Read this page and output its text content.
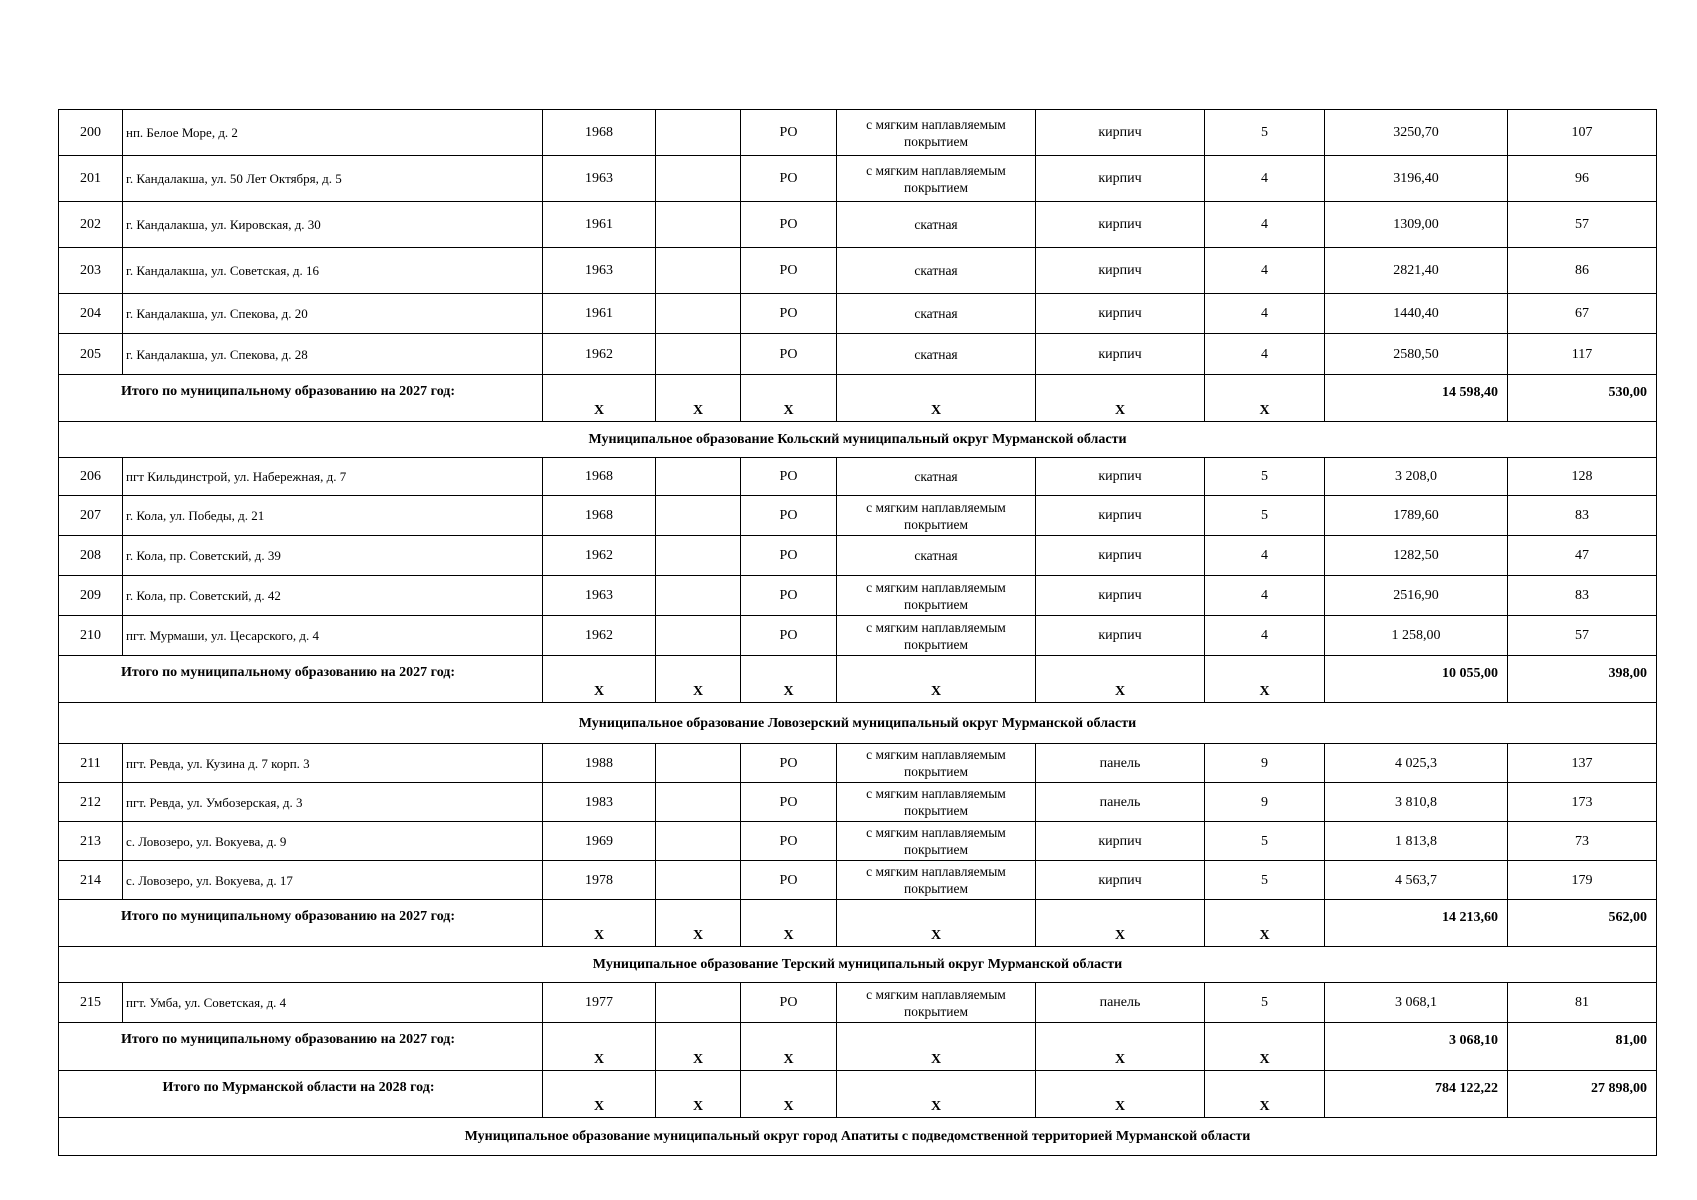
200	нп. Белое Море, д. 2	1968		РО	с мягким наплавляемым покрытием	кирпич	5	3250,70	107
201	г. Кандалакша, ул. 50 Лет Октября, д. 5	1963		РО	с мягким наплавляемым покрытием	кирпич	4	3196,40	96
202	г. Кандалакша, ул. Кировская, д. 30	1961		РО	скатная	кирпич	4	1309,00	57
203	г. Кандалакша, ул. Советская, д. 16	1963		РО	скатная	кирпич	4	2821,40	86
204	г. Кандалакша, ул. Спекова, д. 20	1961		РО	скатная	кирпич	4	1440,40	67
205	г. Кандалакша, ул. Спекова, д. 28	1962		РО	скатная	кирпич	4	2580,50	117
Итого по муниципальному образованию на 2027 год:		Х	Х	Х	Х	Х	Х	14 598,40	530,00
Муниципальное образование Кольский муниципальный округ Мурманской области									
206	пгт Кильдинстрой, ул. Набережная, д. 7	1968		РО	скатная	кирпич	5	3 208,0	128
207	г. Кола, ул. Победы, д. 21	1968		РО	с мягким наплавляемым покрытием	кирпич	5	1789,60	83
208	г. Кола, пр. Советский, д. 39	1962		РО	скатная	кирпич	4	1282,50	47
209	г. Кола, пр. Советский, д. 42	1963		РО	с мягким наплавляемым покрытием	кирпич	4	2516,90	83
210	пгт. Мурмаши, ул. Цесарского, д. 4	1962		РО	с мягким наплавляемым покрытием	кирпич	4	1 258,00	57
Итого по муниципальному образованию на 2027 год:		Х	Х	Х	Х	Х	Х	10 055,00	398,00
Муниципальное образование Ловозерский муниципальный округ Мурманской области									
211	пгт. Ревда, ул. Кузина д. 7 корп. 3	1988		РО	с мягким наплавляемым покрытием	панель	9	4 025,3	137
212	пгт. Ревда, ул. Умбозерская, д. 3	1983		РО	с мягким наплавляемым покрытием	панель	9	3 810,8	173
213	с. Ловозеро, ул. Вокуева, д. 9	1969		РО	с мягким наплавляемым покрытием	кирпич	5	1 813,8	73
214	с. Ловозеро, ул. Вокуева, д. 17	1978		РО	с мягким наплавляемым покрытием	кирпич	5	4 563,7	179
Итого по муниципальному образованию на 2027 год:		Х	Х	Х	Х	Х	Х	14 213,60	562,00
Муниципальное образование Терский муниципальный округ Мурманской области									
215	пгт. Умба, ул. Советская, д. 4	1977		РО	с мягким наплавляемым покрытием	панель	5	3 068,1	81
Итого по муниципальному образованию на 2027 год:		Х	Х	Х	Х	Х	Х	3 068,10	81,00
Итого по Мурманской области на 2028 год:		Х	Х	Х	Х	Х	Х	784 122,22	27 898,00
Муниципальное образование муниципальный округ город Апатиты с подведомственной территорией Мурманской области									
